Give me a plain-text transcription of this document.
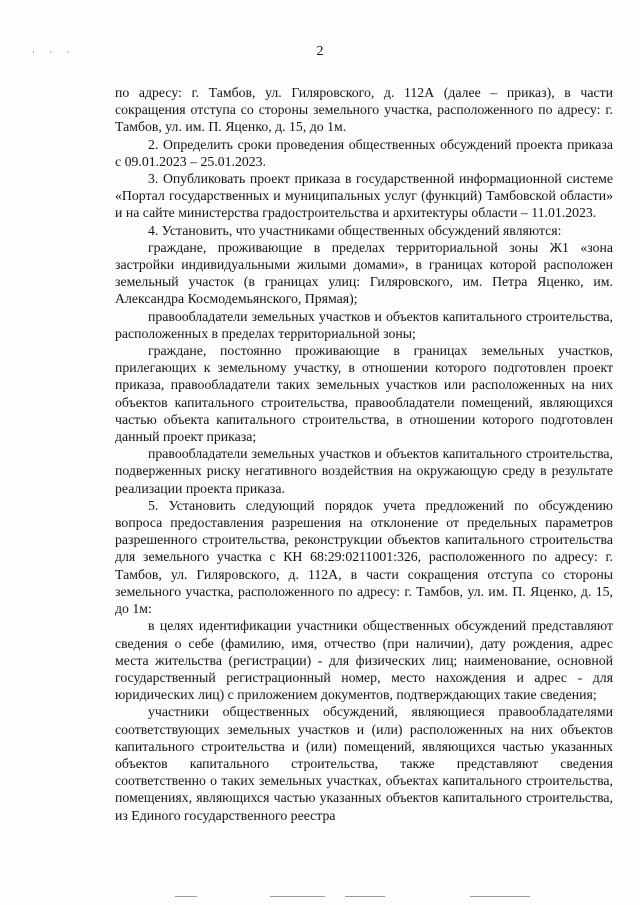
· · ·	2

по адресу: г. Тамбов, ул. Гиляровского, д. 112А (далее – приказ), в части сокращения отступа со стороны земельного участка, расположенного по адресу: г. Тамбов, ул. им. П. Яценко, д. 15, до 1м.

2. Определить сроки проведения общественных обсуждений проекта приказа с 09.01.2023 – 25.01.2023.

3. Опубликовать проект приказа в государственной информационной системе «Портал государственных и муниципальных услуг (функций) Тамбовской области» и на сайте министерства градостроительства и архитектуры области – 11.01.2023.

4. Установить, что участниками общественных обсуждений являются:

граждане, проживающие в пределах территориальной зоны Ж1 «зона застройки индивидуальными жилыми домами», в границах которой расположен земельный участок (в границах улиц: Гиляровского, им. Петра Яценко, им. Александра Космодемьянского, Прямая);

правообладатели земельных участков и объектов капитального строительства, расположенных в пределах территориальной зоны;

граждане, постоянно проживающие в границах земельных участков, прилегающих к земельному участку, в отношении которого подготовлен проект приказа, правообладатели таких земельных участков или расположенных на них объектов капитального строительства, правообладатели помещений, являющихся частью объекта капитального строительства, в отношении которого подготовлен данный проект приказа;

правообладатели земельных участков и объектов капитального строительства, подверженных риску негативного воздействия на окружающую среду в результате реализации проекта приказа.

5. Установить следующий порядок учета предложений по обсуждению вопроса предоставления разрешения на отклонение от предельных параметров разрешенного строительства, реконструкции объектов капитального строительства для земельного участка с КН 68:29:0211001:326, расположенного по адресу: г. Тамбов, ул. Гиляровского, д. 112А, в части сокращения отступа со стороны земельного участка, расположенного по адресу: г. Тамбов, ул. им. П. Яценко, д. 15, до 1м:

в целях идентификации участники общественных обсуждений представляют сведения о себе (фамилию, имя, отчество (при наличии), дату рождения, адрес места жительства (регистрации) - для физических лиц; наименование, основной государственный регистрационный номер, место нахождения и адрес - для юридических лиц) с приложением документов, подтверждающих такие сведения;

участники общественных обсуждений, являющиеся правообладателями соответствующих земельных участков и (или) расположенных на них объектов капитального строительства и (или) помещений, являющихся частью указанных объектов капитального строительства, также представляют сведения соответственно о таких земельных участках, объектах капитального строительства, помещениях, являющихся частью указанных объектов капитального строительства, из Единого государственного реестра
